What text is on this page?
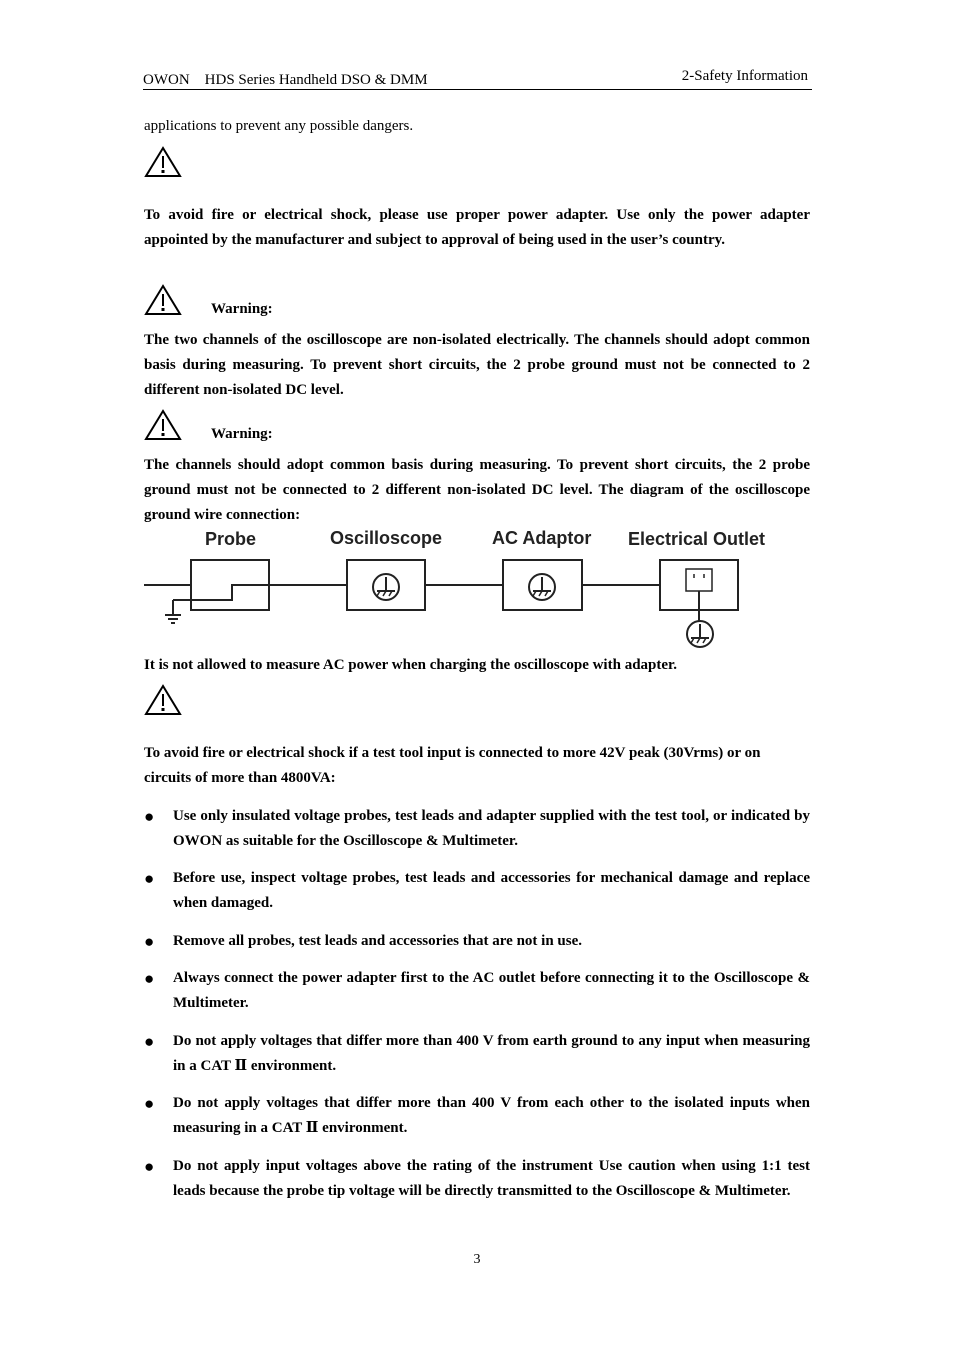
OWON　HDS Series Handheld DSO & DMM	2-Safety Information
applications to prevent any possible dangers.
To avoid fire or electrical shock, please use proper power adapter. Use only the power adapter appointed by the manufacturer and subject to approval of being used in the user’s country.
Warning:
The two channels of the oscilloscope are non-isolated electrically. The channels should adopt common basis during measuring. To prevent short circuits, the 2 probe ground must not be connected to 2 different non-isolated DC level.
Warning:
The channels should adopt common basis during measuring. To prevent short circuits, the 2 probe ground must not be connected to 2 different non-isolated DC level. The diagram of the oscilloscope ground wire connection:
Probe	Oscilloscope	AC Adaptor Electrical Outlet
It is not allowed to measure AC power when charging the oscilloscope with adapter.
To avoid fire or electrical shock if a test tool input is connected to more 42V peak (30Vrms) or on circuits of more than 4800VA:
● Use only insulated voltage probes, test leads and adapter supplied with the test tool, or indicated by OWON as suitable for the Oscilloscope & Multimeter.
● Before use, inspect voltage probes, test leads and accessories for mechanical damage and replace when damaged.
● Remove all probes, test leads and accessories that are not in use.
● Always connect the power adapter first to the AC outlet before connecting it to the Oscilloscope & Multimeter.
● Do not apply voltages that differ more than 400 V from earth ground to any input when measuring in a CAT Ⅱ environment.
● Do not apply voltages that differ more than 400 V from each other to the isolated inputs when measuring in a CAT Ⅱ environment.
● Do not apply input voltages above the rating of the instrument Use caution when using 1:1 test leads because the probe tip voltage will be directly transmitted to the Oscilloscope & Multimeter.
3
